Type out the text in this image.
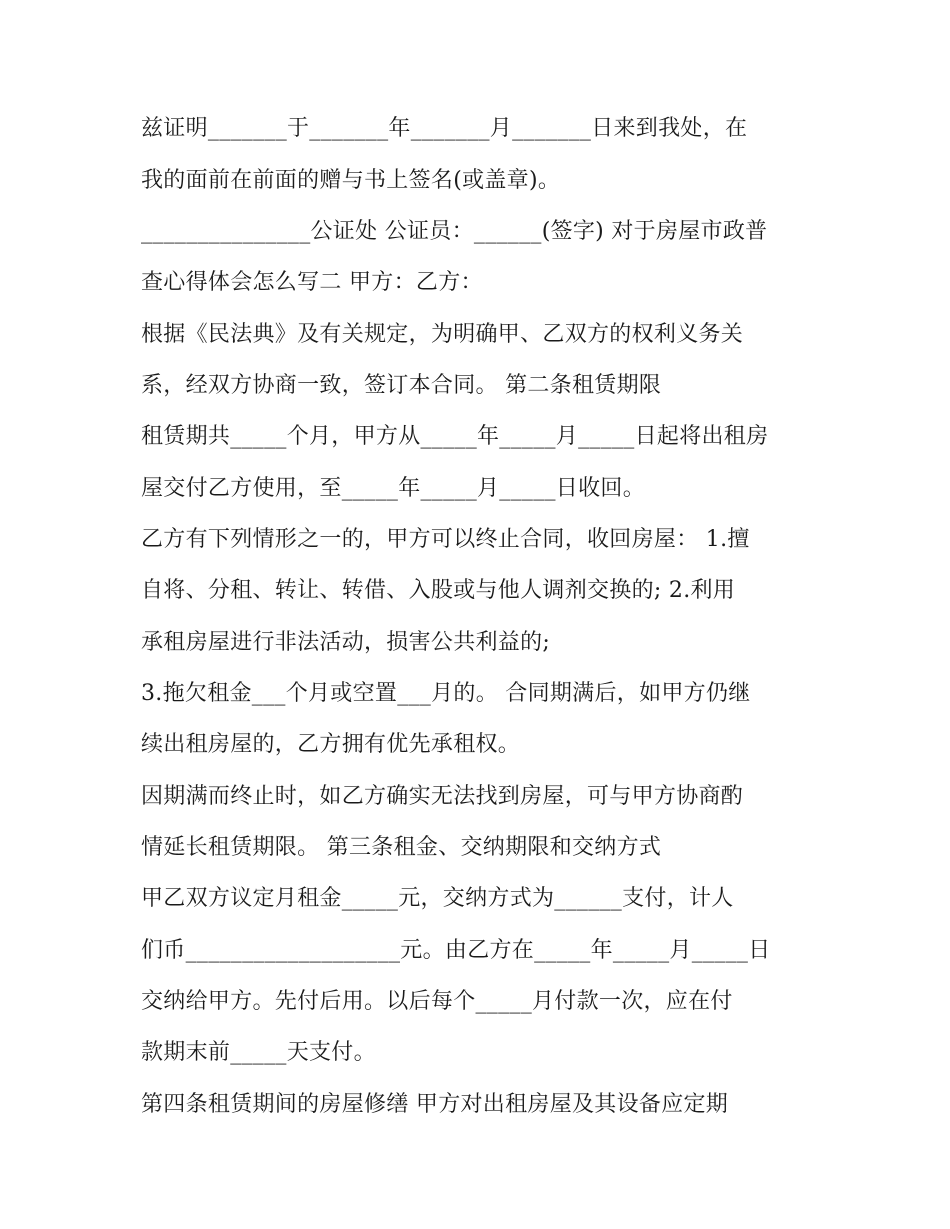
兹证明_______于_______年_______月_______日来到我处，在
我的面前在前面的赠与书上签名(或盖章)。
_______________公证处 公证员：______(签字) 对于房屋市政普
查心得体会怎么写二 甲方：乙方：
根据《民法典》及有关规定，为明确甲、乙双方的权利义务关
系，经双方协商一致，签订本合同。 第二条租赁期限
租赁期共_____个月，甲方从_____年_____月_____日起将出租房
屋交付乙方使用，至_____年_____月_____日收回。
乙方有下列情形之一的，甲方可以终止合同，收回房屋： 1.擅
自将、分租、转让、转借、入股或与他人调剂交换的; 2.利用
承租房屋进行非法活动，损害公共利益的;
3.拖欠租金___个月或空置___月的。 合同期满后，如甲方仍继
续出租房屋的，乙方拥有优先承租权。
因期满而终止时，如乙方确实无法找到房屋，可与甲方协商酌
情延长租赁期限。 第三条租金、交纳期限和交纳方式
甲乙双方议定月租金_____元，交纳方式为______支付，计人
们币___________________元。由乙方在_____年_____月_____日
交纳给甲方。先付后用。以后每个_____月付款一次，应在付
款期末前_____天支付。
第四条租赁期间的房屋修缮 甲方对出租房屋及其设备应定期
